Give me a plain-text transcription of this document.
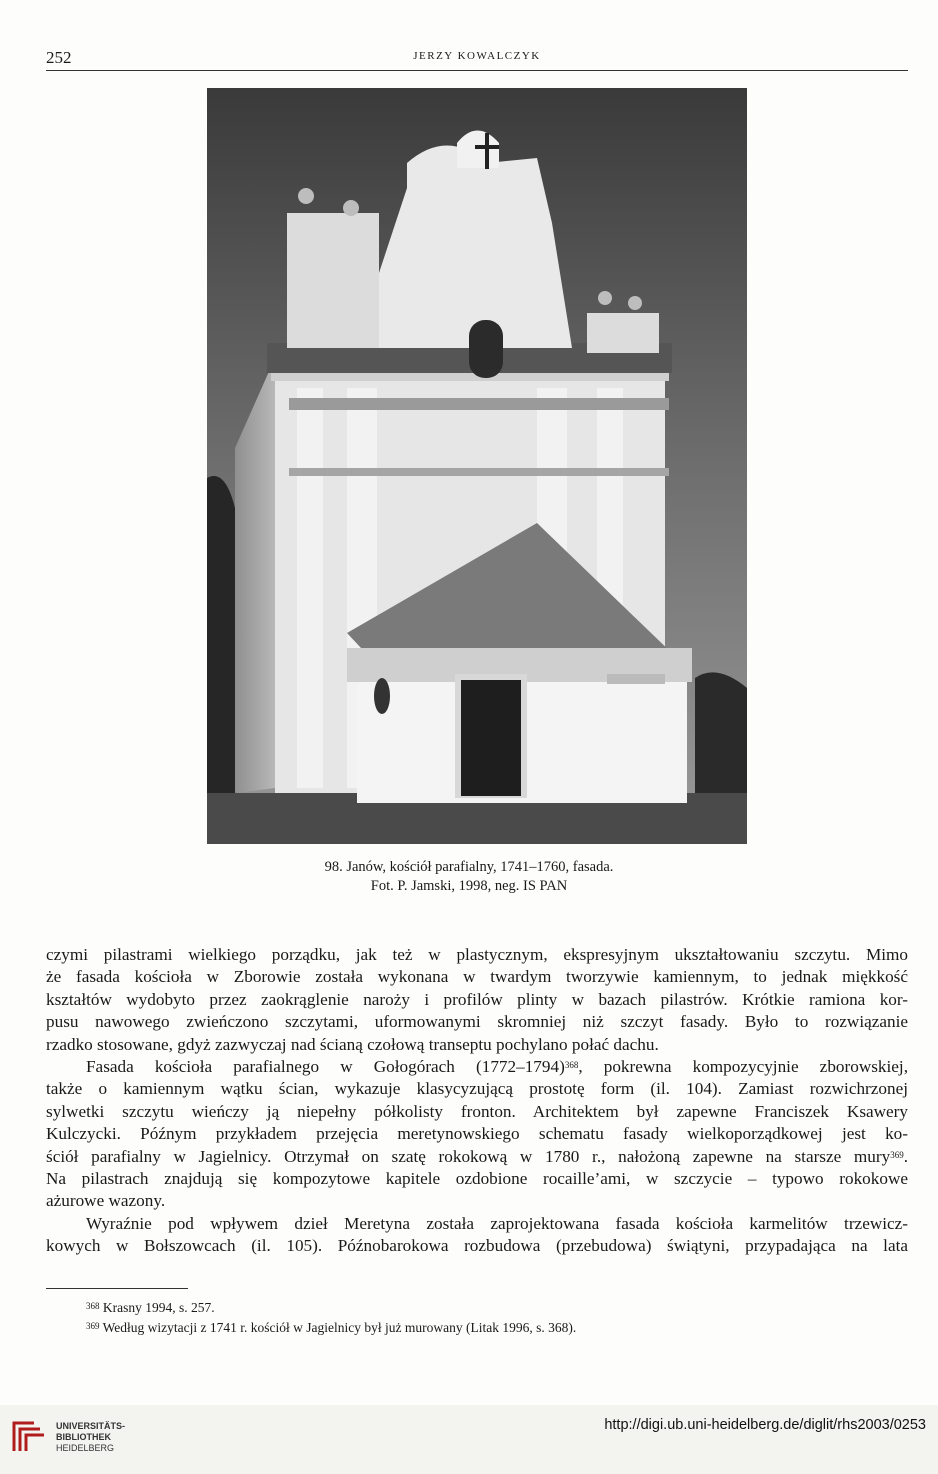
252	JERZY KOWALCZYK
98. Janów, kościół parafialny, 1741–1760, fasada.
Fot. P. Jamski, 1998, neg. IS PAN
czymi pilastrami wielkiego porządku, jak też w plastycznym, ekspresyjnym ukształtowaniu szczytu. Mimo
że fasada kościoła w Zborowie została wykonana w twardym tworzywie kamiennym, to jednak miękkość
kształtów wydobyto przez zaokrąglenie naroży i profilów plinty w bazach pilastrów. Krótkie ramiona kor-
pusu nawowego zwieńczono szczytami, uformowanymi skromniej niż szczyt fasady. Było to rozwiązanie
rzadko stosowane, gdyż zazwyczaj nad ścianą czołową transeptu pochylano połać dachu.
Fasada kościoła parafialnego w Gołogórach (1772–1794)$^{368}$, pokrewna kompozycyjnie zborowskiej,
także o kamiennym wątku ścian, wykazuje klasycyzującą prostotę form (il. 104). Zamiast rozwichrzonej
sylwetki szczytu wieńczy ją niepełny półkolisty fronton. Architektem był zapewne Franciszek Ksawery
Kulczycki. Późnym przykładem przejęcia meretynowskiego schematu fasady wielkoporządkowej jest ko-
ściół parafialny w Jagielnicy. Otrzymał on szatę rokokową w 1780 r., nałożoną zapewne na starsze mury$^{369}$.
Na pilastrach znajdują się kompozytowe kapitele ozdobione rocaille’ami, w szczycie – typowo rokokowe
ażurowe wazony.
Wyraźnie pod wpływem dzieł Meretyna została zaprojektowana fasada kościoła karmelitów trzewicz-
kowych w Bołszowcach (il. 105). Późnobarokowa rozbudowa (przebudowa) świątyni, przypadająca na lata
$^{368}$ Krasny 1994, s. 257.
$^{369}$ Według wizytacji z 1741 r. kościół w Jagielnicy był już murowany (Litak 1996, s. 368).
UNIVERSITÄTS-
BIBLIOTHEK
HEIDELBERG
http://digi.ub.uni-heidelberg.de/diglit/rhs2003/0253
